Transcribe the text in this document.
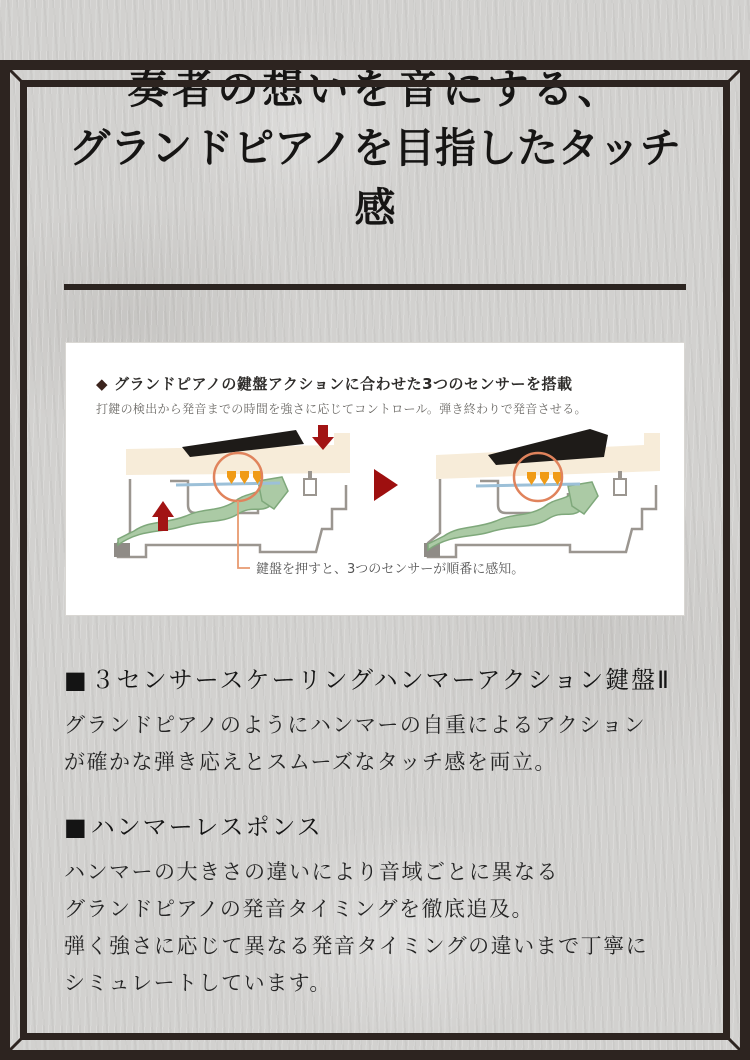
奏者の想いを音にする、
グランドピアノを目指したタッチ感
◆ グランドピアノの鍵盤アクションに合わせた3つのセンサーを搭載
打鍵の検出から発音までの時間を強さに応じてコントロール。弾き終わりで発音させる。
鍵盤を押すと、3つのセンサーが順番に感知。
■３センサースケーリングハンマーアクション鍵盤Ⅱ
グランドピアノのようにハンマーの自重によるアクション
が確かな弾き応えとスムーズなタッチ感を両立。
■ハンマーレスポンス
ハンマーの大きさの違いにより音域ごとに異なる
グランドピアノの発音タイミングを徹底追及。
弾く強さに応じて異なる発音タイミングの違いまで丁寧に
シミュレートしています。
